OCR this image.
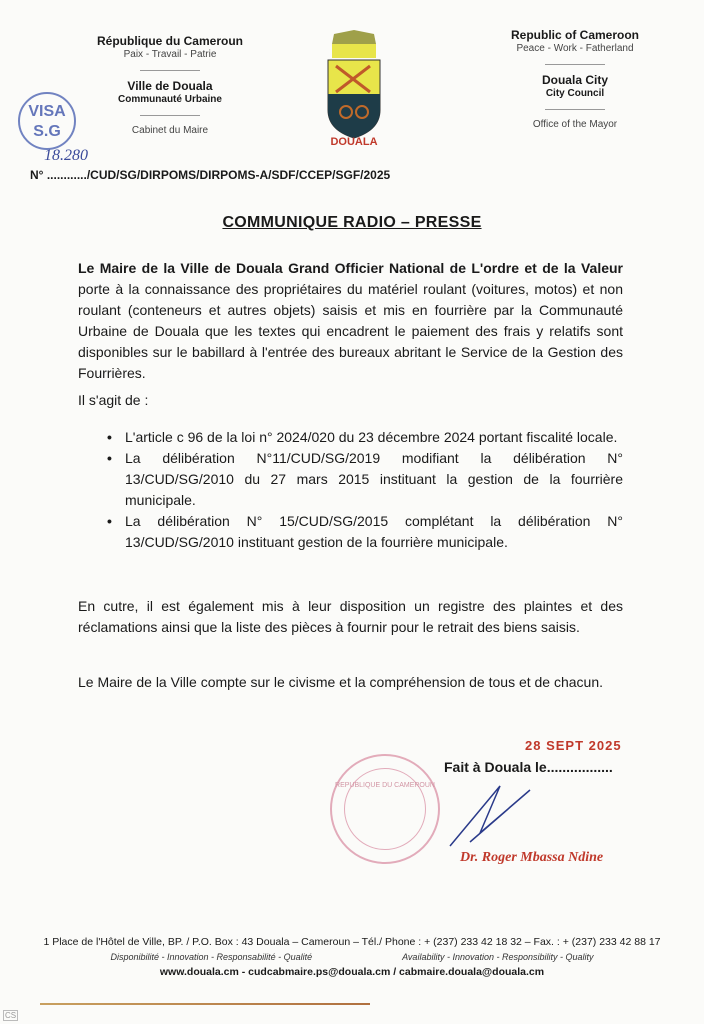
République du Cameroun
Paix - Travail - Patrie
Ville de Douala
Communauté Urbaine
Cabinet du Maire
Republic of Cameroon
Peace - Work - Fatherland
Douala City
City Council
Office of the Mayor
DOUALA
VISA S.G
N°
18.280
............/CUD/SG/DIRPOMS/DIRPOMS-A/SDF/CCEP/SGF/2025
COMMUNIQUE RADIO – PRESSE
Le Maire de la Ville de Douala Grand Officier National de L'ordre et de la Valeur porte à la connaissance des propriétaires du matériel roulant (voitures, motos) et non roulant (conteneurs et autres objets) saisis et mis en fourrière par la Communauté Urbaine de Douala que les textes qui encadrent le paiement des frais y relatifs sont disponibles sur le babillard à l'entrée des bureaux abritant le Service de la Gestion des Fourrières.
Il s'agit de :
• L'article c 96 de la loi n° 2024/020 du 23 décembre 2024 portant fiscalité locale.
• La délibération N°11/CUD/SG/2019 modifiant la délibération N° 13/CUD/SG/2010 du 27 mars 2015 instituant la gestion de la fourrière municipale.
• La délibération N° 15/CUD/SG/2015 complétant la délibération N° 13/CUD/SG/2010 instituant gestion de la fourrière municipale.
En cutre, il est également mis à leur disposition un registre des plaintes et des réclamations ainsi que la liste des pièces à fournir pour le retrait des biens saisis.
Le Maire de la Ville compte sur le civisme et la compréhension de tous et de chacun.
REPUBLIQUE DU CAMEROUN
Fait à Douala le.................
28 SEPT 2025
Dr. Roger Mbassa Ndine
1 Place de l'Hôtel de Ville, BP. / P.O. Box : 43 Douala – Cameroun – Tél./ Phone : + (237) 233 42 18 32 – Fax. : + (237) 233 42 88 17
Disponibilité - Innovation - Responsabilité - Qualité	Availability - Innovation - Responsibility - Quality
www.douala.cm - cudcabmaire.ps@douala.cm / cabmaire.douala@douala.cm
CS
